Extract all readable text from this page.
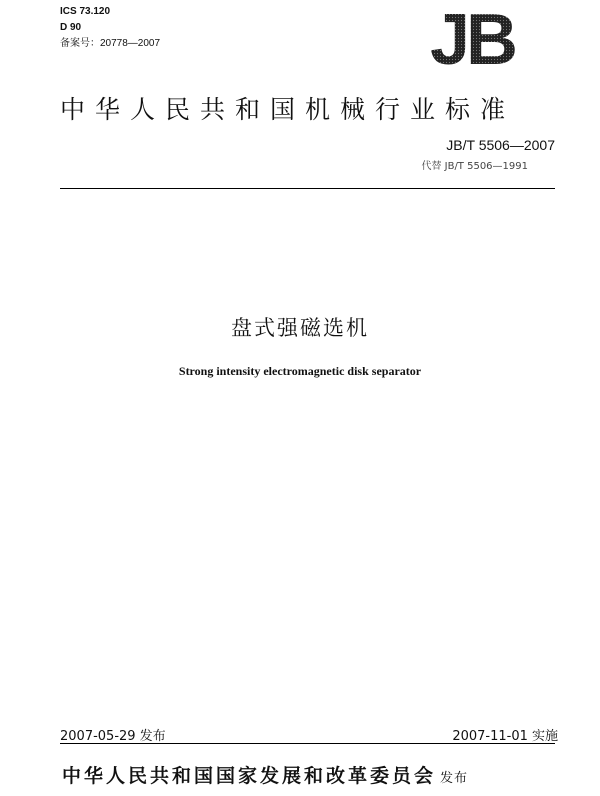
ICS 73.120
D 90
备案号：20778—2007	JB
中华人民共和国机械行业标准
JB/T 5506—2007
代替 JB/T 5506—1991
盘式强磁选机
Strong intensity electromagnetic disk separator
2007-05-29 发布	2007-11-01 实施
中华人民共和国国家发展和改革委员会 发布
